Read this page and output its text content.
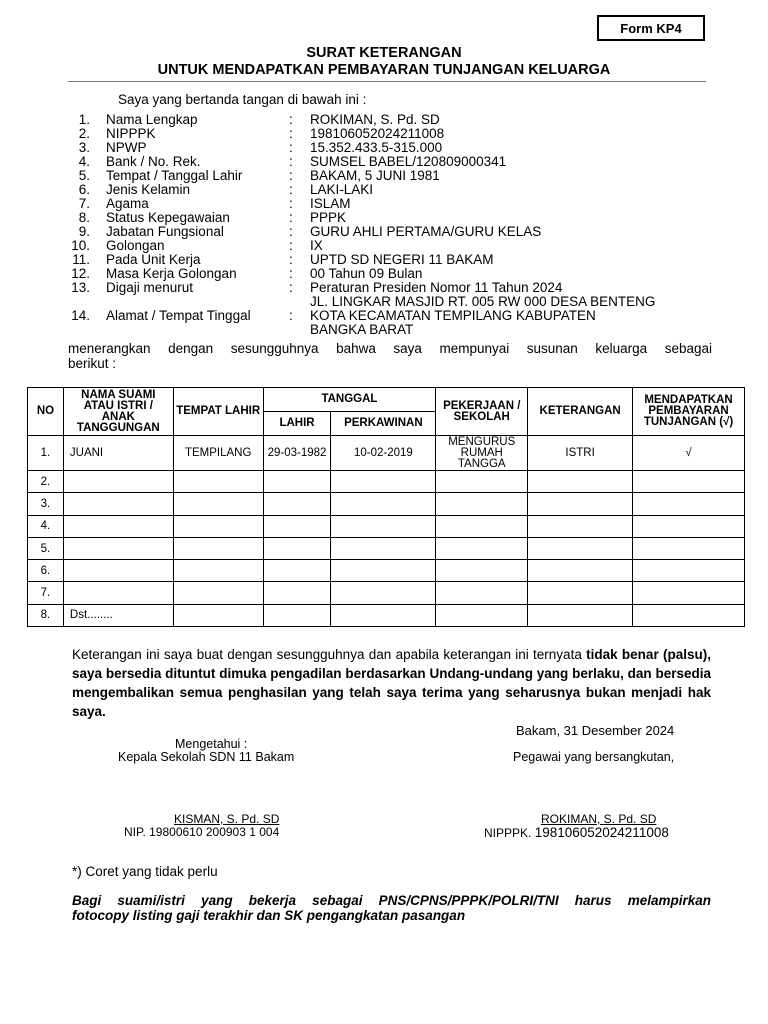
Form KP4
SURAT KETERANGAN
UNTUK MENDAPATKAN PEMBAYARAN TUNJANGAN KELUARGA
Saya yang bertanda tangan di bawah ini :
1. Nama Lengkap	: ROKIMAN, S. Pd. SD
2. NIPPPK	: 198106052024211008
3. NPWP	: 15.352.433.5-315.000
4. Bank / No. Rek.	: SUMSEL BABEL/120809000341
5. Tempat / Tanggal Lahir	: BAKAM, 5 JUNI 1981
6. Jenis Kelamin	: LAKI-LAKI
7. Agama	: ISLAM
8. Status Kepegawaian	: PPPK
9. Jabatan Fungsional	: GURU AHLI PERTAMA/GURU KELAS
10. Golongan	: IX
11. Pada Unit Kerja	: UPTD SD NEGERI 11 BAKAM
12. Masa Kerja Golongan	: 00 Tahun 09 Bulan
13. Digaji menurut	: Peraturan Presiden Nomor 11 Tahun 2024
JL. LINGKAR MASJID RT. 005 RW 000 DESA BENTENG
14. Alamat / Tempat Tinggal	: KOTA KECAMATAN TEMPILANG KABUPATEN
BANGKA BARAT
menerangkan dengan sesungguhnya bahwa saya mempunyai susunan keluarga sebagai
berikut :
NO	NAMA SUAMI ATAU ISTRI / ANAK TANGGUNGAN	TEMPAT LAHIR	TANGGAL		PEKERJAAN / SEKOLAH	KETERANGAN	MENDAPATKAN PEMBAYARAN TUNJANGAN (√)
			LAHIR	PERKAWINAN			
1.	JUANI	TEMPILANG	29-03-1982	10-02-2019	MENGURUS RUMAH TANGGA	ISTRI	√
2.							
3.							
4.							
5.							
6.							
7.							
8.	Dst........						
Keterangan ini saya buat dengan sesungguhnya dan apabila keterangan ini ternyata tidak benar (palsu), saya bersedia dituntut dimuka pengadilan berdasarkan Undang-undang yang berlaku, dan bersedia mengembalikan semua penghasilan yang telah saya terima yang seharusnya bukan menjadi hak saya.
Bakam, 31 Desember 2024
Mengetahui :
Kepala Sekolah SDN 11 Bakam	Pegawai yang bersangkutan,
KISMAN, S. Pd. SD
NIP. 19800610 200903 1 004
ROKIMAN, S. Pd. SD
NIPPPK. 198106052024211008
*) Coret yang tidak perlu
Bagi suami/istri yang bekerja sebagai PNS/CPNS/PPPK/POLRI/TNI harus melampirkan
fotocopy listing gaji terakhir dan SK pengangkatan pasangan
